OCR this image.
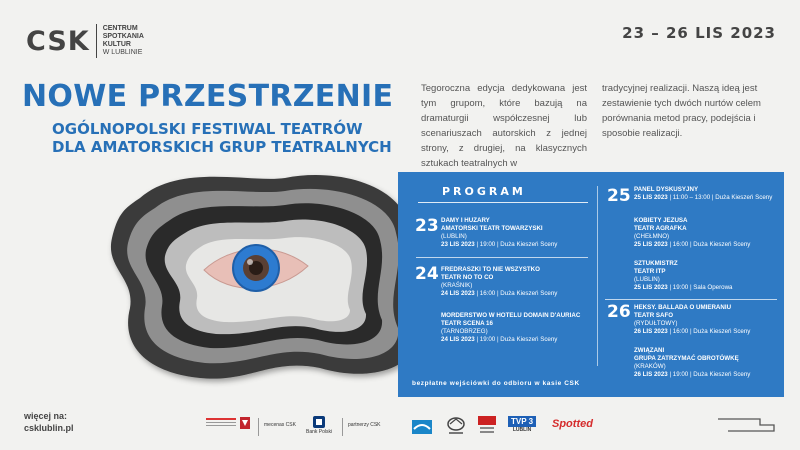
CSK CENTRUM
SPOTKANIA
KULTUR
W LUBLINIE
23 – 26 LIS 2023
NOWE PRZESTRZENIE
OGÓLNOPOLSKI FESTIWAL TEATRÓW
DLA AMATORSKICH GRUP TEATRALNYCH
Tegoroczna edycja dedykowana jest tym grupom, które bazują na dramaturgii współczesnej lub scenariuszach autorskich z jednej strony, z drugiej, na klasycznych sztukach teatralnych w
tradycyjnej realizacji. Naszą ideą jest zestawienie tych dwóch nurtów celem porównania metod pracy, podejścia i sposobie realizacji.
PROGRAM
23
24
25
26
DAMY I HUZARY
AMATORSKI TEATR TOWARZYSKI
(LUBLIN)
23 LIS 2023 | 19:00 | Duża Kieszeń Sceny
FREDRASZKI TO NIE WSZYSTKO
TEATR NO TO CO
(KRAŚNIK)
24 LIS 2023 | 16:00 | Duża Kieszeń Sceny
MORDERSTWO W HOTELU DOMAIN D'AURIAC
TEATR SCENA 16
(TARNOBRZEG)
24 LIS 2023 | 19:00 | Duża Kieszeń Sceny
PANEL DYSKUSYJNY
25 LIS 2023 | 11:00 – 13:00 | Duża Kieszeń Sceny
KOBIETY JEZUSA
TEATR AGRAFKA
(CHEŁMNO)
25 LIS 2023 | 16:00 | Duża Kieszeń Sceny
SZTUKMISTRZ
TEATR ITP
(LUBLIN)
25 LIS 2023 | 19:00 | Sala Operowa
HEKSY. BALLADA O UMIERANIU
TEATR SAFO
(RYDUŁTOWY)
26 LIS 2023 | 16:00 | Duża Kieszeń Sceny
ZWIĄZANI
GRUPA ZATRZYMAĆ OBROTÓWKĘ
(KRAKÓW)
26 LIS 2023 | 19:00 | Duża Kieszeń Sceny
bezpłatne wejściówki do odbioru w kasie CSK
więcej na:
csklublin.pl	mecenas CSK
Bank Polski
partnerzy CSK	TVP 3
LUBLIN Spotted
